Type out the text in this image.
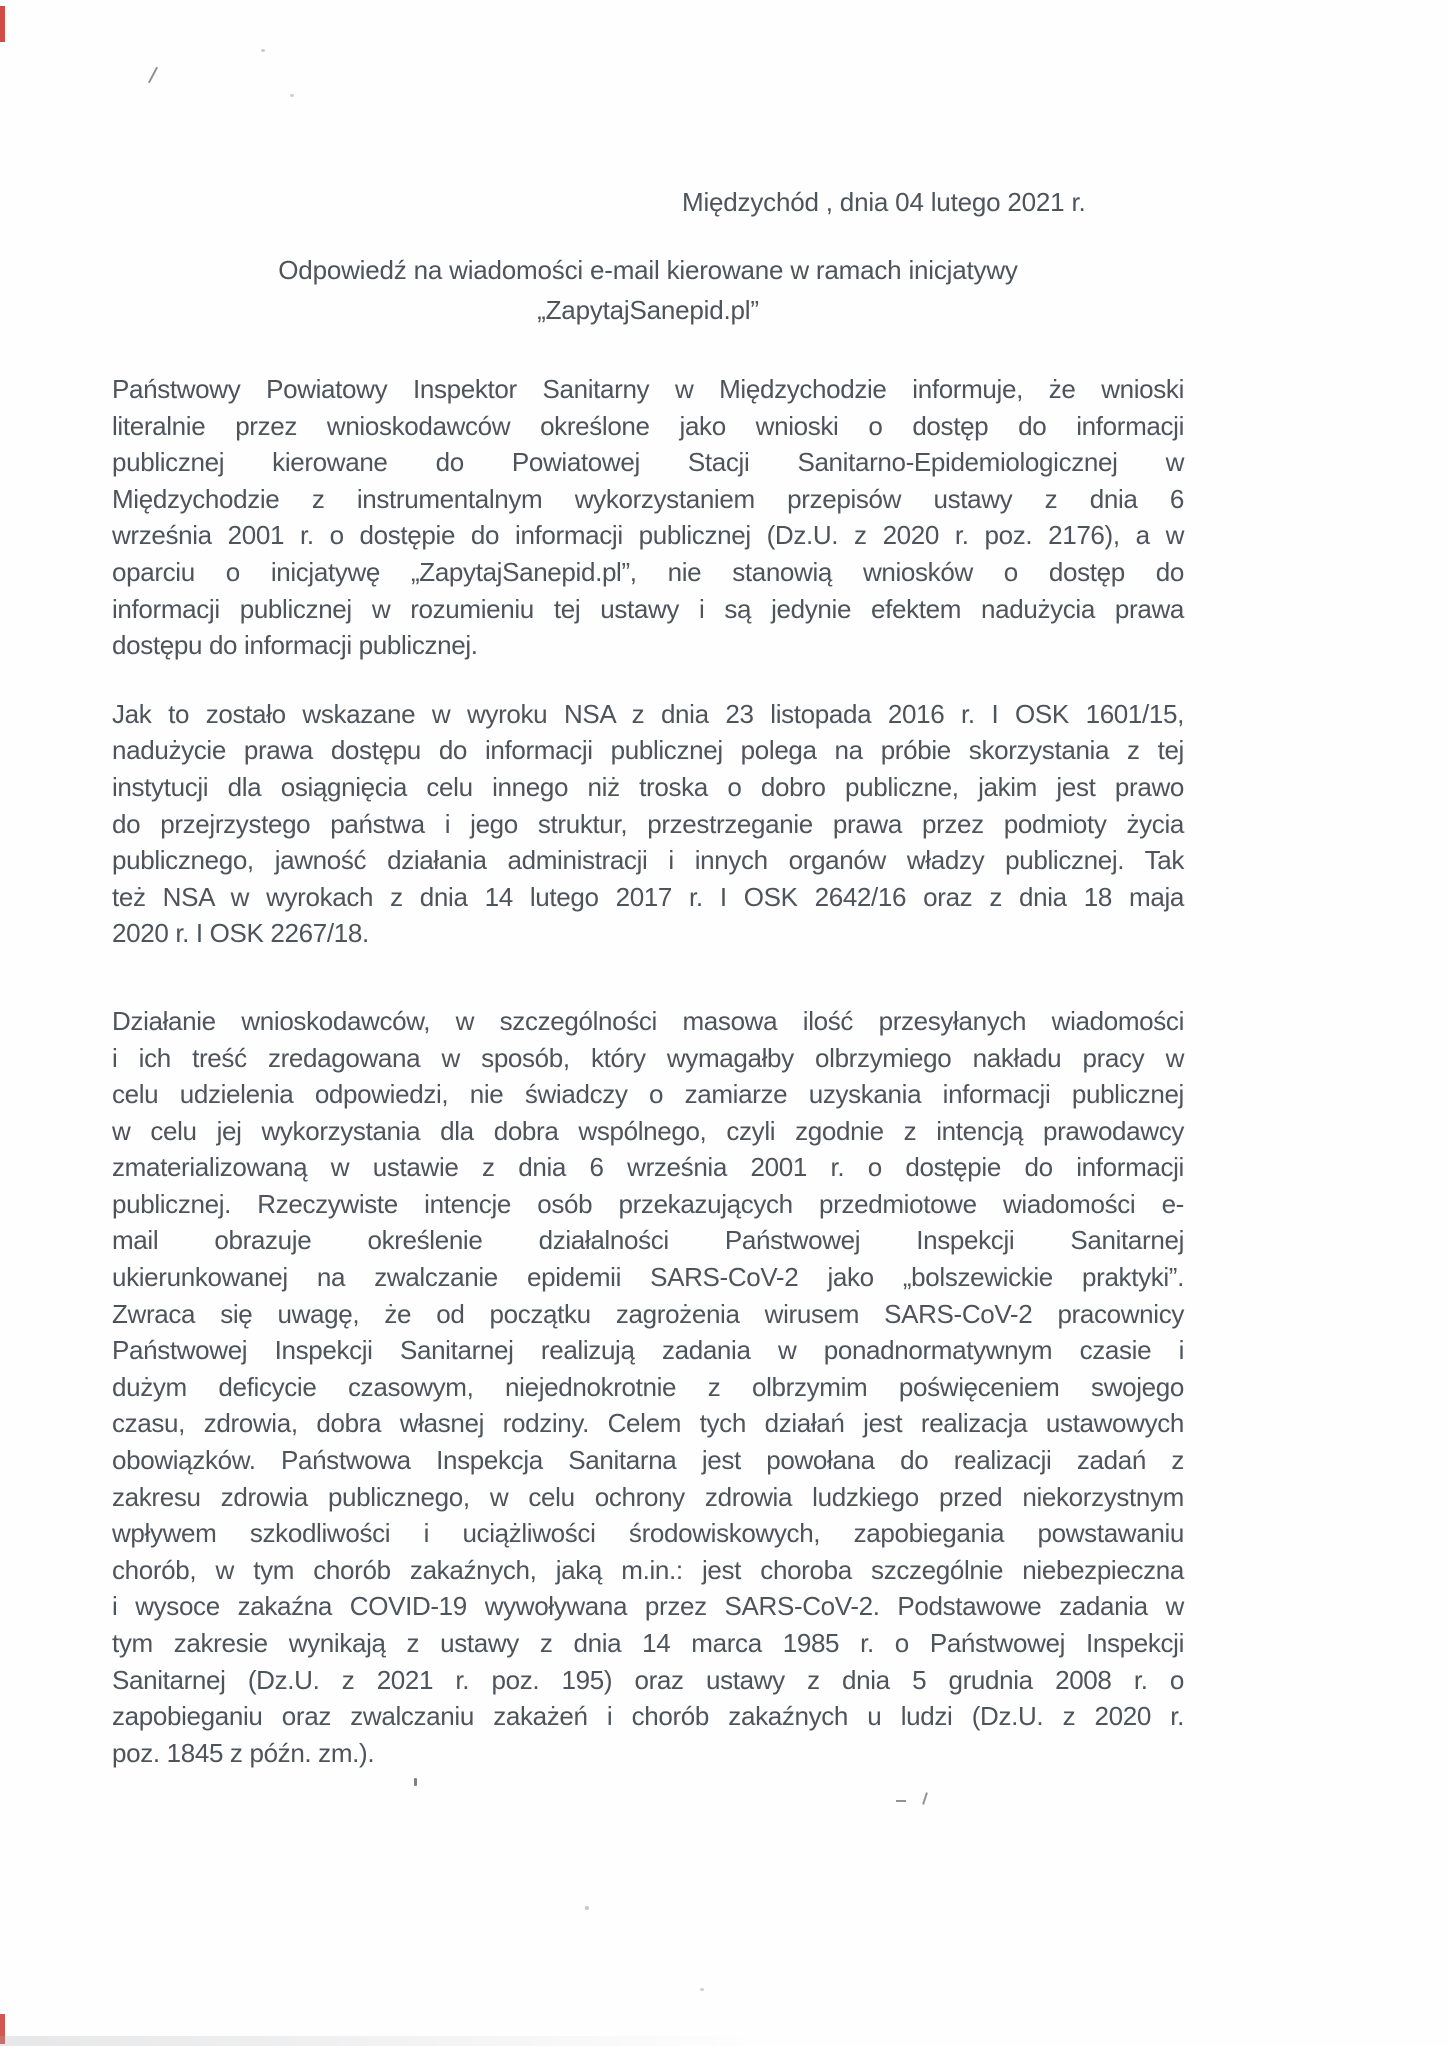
Międzychód , dnia 04 lutego 2021 r.
Odpowiedź na wiadomości e-mail kierowane w ramach inicjatywy
„ZapytajSanepid.pl”
Państwowy Powiatowy Inspektor Sanitarny w Międzychodzie informuje, że wnioski
literalnie przez wnioskodawców określone jako wnioski o dostęp do informacji
publicznej kierowane do Powiatowej Stacji Sanitarno-Epidemiologicznej w
Międzychodzie z instrumentalnym wykorzystaniem przepisów ustawy z dnia 6
września 2001 r. o dostępie do informacji publicznej (Dz.U. z 2020 r. poz. 2176), a w
oparciu o inicjatywę „ZapytajSanepid.pl”, nie stanowią wniosków o dostęp do
informacji publicznej w rozumieniu tej ustawy i są jedynie efektem nadużycia prawa
dostępu do informacji publicznej.
Jak to zostało wskazane w wyroku NSA z dnia 23 listopada 2016 r. I OSK 1601/15,
nadużycie prawa dostępu do informacji publicznej polega na próbie skorzystania z tej
instytucji dla osiągnięcia celu innego niż troska o dobro publiczne, jakim jest prawo
do przejrzystego państwa i jego struktur, przestrzeganie prawa przez podmioty życia
publicznego, jawność działania administracji i innych organów władzy publicznej. Tak
też NSA w wyrokach z dnia 14 lutego 2017 r. I OSK 2642/16 oraz z dnia 18 maja
2020 r. I OSK 2267/18.
Działanie wnioskodawców, w szczególności masowa ilość przesyłanych wiadomości
i ich treść zredagowana w sposób, który wymagałby olbrzymiego nakładu pracy w
celu udzielenia odpowiedzi, nie świadczy o zamiarze uzyskania informacji publicznej
w celu jej wykorzystania dla dobra wspólnego, czyli zgodnie z intencją prawodawcy
zmaterializowaną w ustawie z dnia 6 września 2001 r. o dostępie do informacji
publicznej. Rzeczywiste intencje osób przekazujących przedmiotowe wiadomości e-
mail obrazuje określenie działalności Państwowej Inspekcji Sanitarnej
ukierunkowanej na zwalczanie epidemii SARS-CoV-2 jako „bolszewickie praktyki”.
Zwraca się uwagę, że od początku zagrożenia wirusem SARS-CoV-2 pracownicy
Państwowej Inspekcji Sanitarnej realizują zadania w ponadnormatywnym czasie i
dużym deficycie czasowym, niejednokrotnie z olbrzymim poświęceniem swojego
czasu, zdrowia, dobra własnej rodziny. Celem tych działań jest realizacja ustawowych
obowiązków. Państwowa Inspekcja Sanitarna jest powołana do realizacji zadań z
zakresu zdrowia publicznego, w celu ochrony zdrowia ludzkiego przed niekorzystnym
wpływem szkodliwości i uciążliwości środowiskowych, zapobiegania powstawaniu
chorób, w tym chorób zakaźnych, jaką m.in.: jest choroba szczególnie niebezpieczna
i wysoce zakaźna COVID-19 wywoływana przez SARS-CoV-2. Podstawowe zadania w
tym zakresie wynikają z ustawy z dnia 14 marca 1985 r. o Państwowej Inspekcji
Sanitarnej (Dz.U. z 2021 r. poz. 195) oraz ustawy z dnia 5 grudnia 2008 r. o
zapobieganiu oraz zwalczaniu zakażeń i chorób zakaźnych u ludzi (Dz.U. z 2020 r.
poz. 1845 z późn. zm.).
